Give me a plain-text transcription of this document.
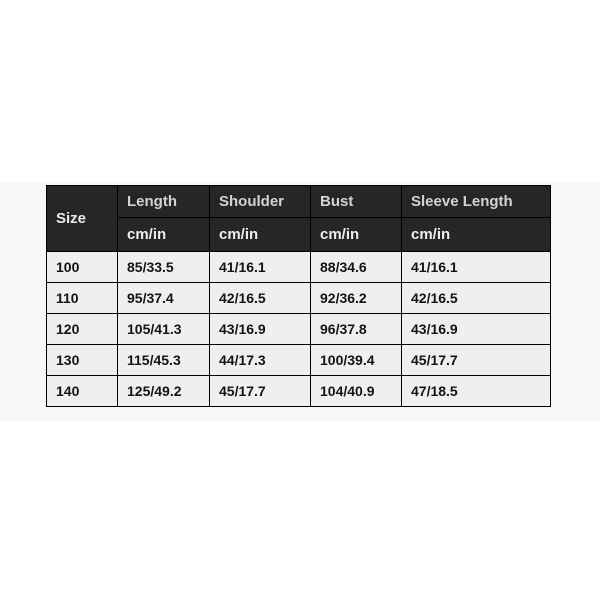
Size	Length	Shoulder	Bust	Sleeve Length
	cm/in	cm/in	cm/in	cm/in
100	85/33.5	41/16.1	88/34.6	41/16.1
110	95/37.4	42/16.5	92/36.2	42/16.5
120	105/41.3	43/16.9	96/37.8	43/16.9
130	115/45.3	44/17.3	100/39.4	45/17.7
140	125/49.2	45/17.7	104/40.9	47/18.5
